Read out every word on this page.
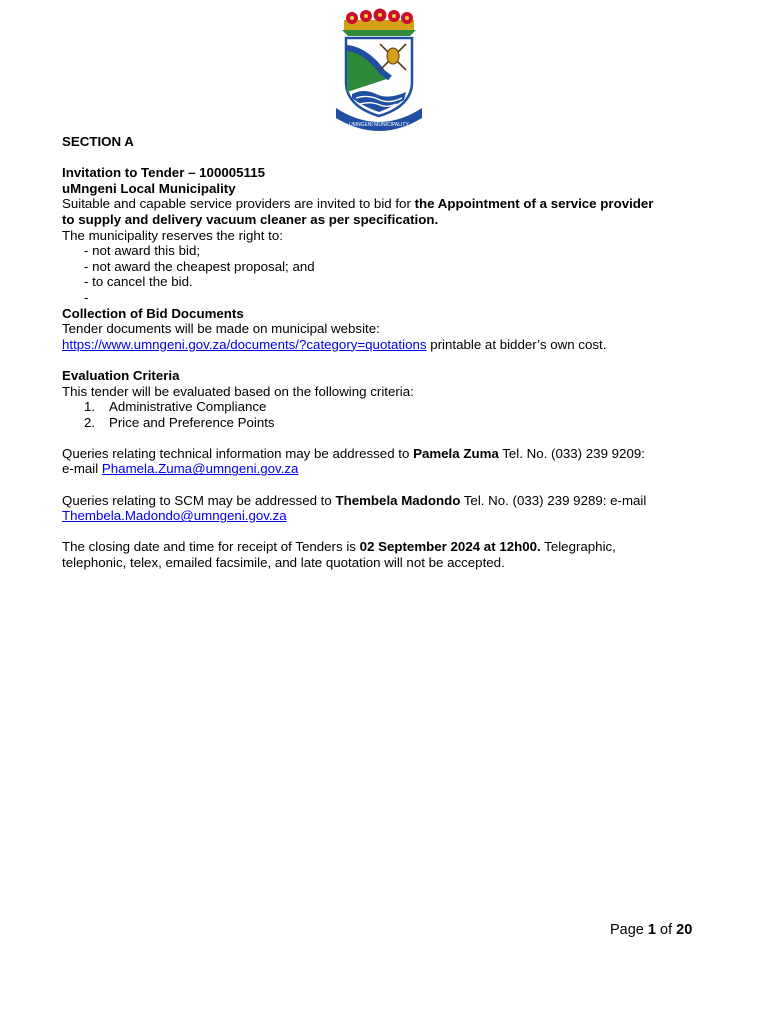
UMNGENI MUNICIPALITY
SECTION A
Invitation to Tender – 100005115
uMngeni Local Municipality
Suitable and capable service providers are invited to bid for the Appointment of a service provider
to supply and delivery vacuum cleaner as per specification.
The municipality reserves the right to:
- not award this bid;
- not award the cheapest proposal; and
- to cancel the bid.
-
Collection of Bid Documents
Tender documents will be made on municipal website:
https://www.umngeni.gov.za/documents/?category=quotations printable at bidder’s own cost.
Evaluation Criteria
This tender will be evaluated based on the following criteria:
1. Administrative Compliance
2. Price and Preference Points
Queries relating technical information may be addressed to Pamela Zuma Tel. No. (033) 239 9209:
e-mail Phamela.Zuma@umngeni.gov.za
Queries relating to SCM may be addressed to Thembela Madondo Tel. No. (033) 239 9289: e-mail
Thembela.Madondo@umngeni.gov.za
The closing date and time for receipt of Tenders is 02 September 2024 at 12h00. Telegraphic,
telephonic, telex, emailed facsimile, and late quotation will not be accepted.
Page 1 of 20
